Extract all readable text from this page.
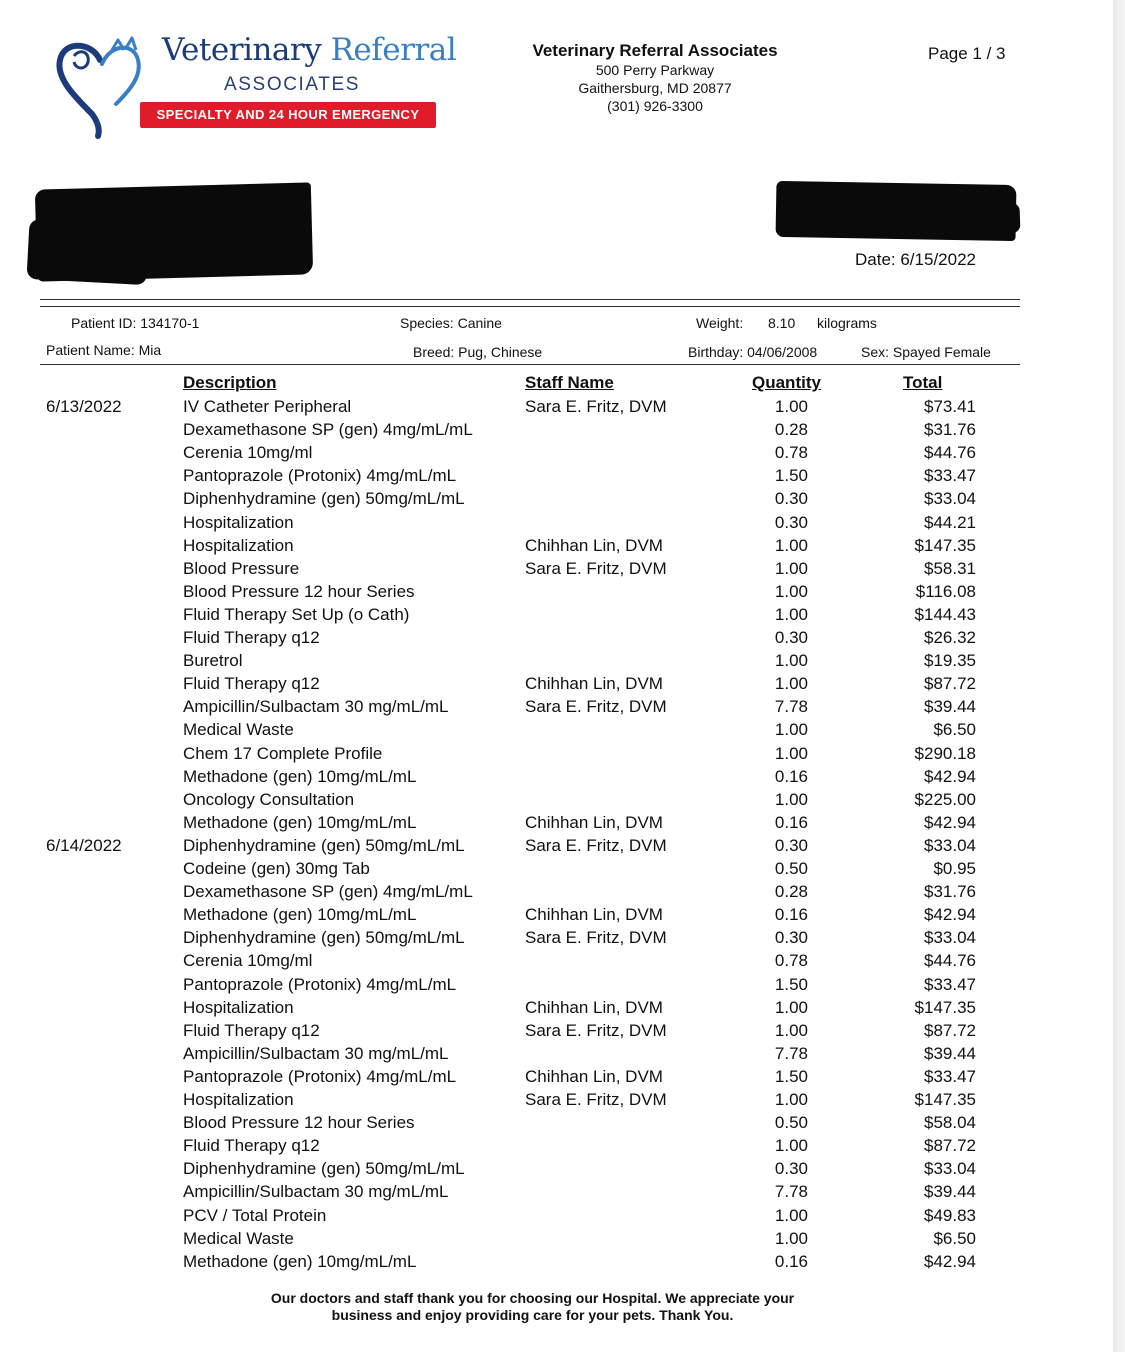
Veterinary Referral
ASSOCIATES
SPECIALTY AND 24 HOUR EMERGENCY
Veterinary Referral Associates
500 Perry Parkway
Gaithersburg, MD 20877
(301) 926-3300
Page 1 / 3
Date: 6/15/2022
Patient ID: 134170-1
Patient Name: Mia
Species: Canine
Breed: Pug, Chinese
Weight: 8.10 kilograms
Birthday: 04/06/2008	Sex: Spayed Female
Description	Staff Name	Quantity	Total
6/13/2022	IV Catheter Peripheral	Sara E. Fritz, DVM	1.00	$73.41
Dexamethasone SP (gen) 4mg/mL/mL	0.28	$31.76
Cerenia 10mg/ml	0.78	$44.76
Pantoprazole (Protonix) 4mg/mL/mL	1.50	$33.47
Diphenhydramine (gen) 50mg/mL/mL	0.30	$33.04
Hospitalization	0.30	$44.21
Hospitalization	Chihhan Lin, DVM	1.00	$147.35
Blood Pressure	Sara E. Fritz, DVM	1.00	$58.31
Blood Pressure 12 hour Series	1.00	$116.08
Fluid Therapy Set Up (o Cath)	1.00	$144.43
Fluid Therapy q12	0.30	$26.32
Buretrol	1.00	$19.35
Fluid Therapy q12	Chihhan Lin, DVM	1.00	$87.72
Ampicillin/Sulbactam 30 mg/mL/mL	Sara E. Fritz, DVM	7.78	$39.44
Medical Waste	1.00	$6.50
Chem 17 Complete Profile	1.00	$290.18
Methadone (gen) 10mg/mL/mL	0.16	$42.94
Oncology Consultation	1.00	$225.00
Methadone (gen) 10mg/mL/mL	Chihhan Lin, DVM	0.16	$42.94
6/14/2022	Diphenhydramine (gen) 50mg/mL/mL	Sara E. Fritz, DVM	0.30	$33.04
Codeine (gen) 30mg Tab	0.50	$0.95
Dexamethasone SP (gen) 4mg/mL/mL	0.28	$31.76
Methadone (gen) 10mg/mL/mL	Chihhan Lin, DVM	0.16	$42.94
Diphenhydramine (gen) 50mg/mL/mL	Sara E. Fritz, DVM	0.30	$33.04
Cerenia 10mg/ml	0.78	$44.76
Pantoprazole (Protonix) 4mg/mL/mL	1.50	$33.47
Hospitalization	Chihhan Lin, DVM	1.00	$147.35
Fluid Therapy q12	Sara E. Fritz, DVM	1.00	$87.72
Ampicillin/Sulbactam 30 mg/mL/mL	7.78	$39.44
Pantoprazole (Protonix) 4mg/mL/mL	Chihhan Lin, DVM	1.50	$33.47
Hospitalization	Sara E. Fritz, DVM	1.00	$147.35
Blood Pressure 12 hour Series	0.50	$58.04
Fluid Therapy q12	1.00	$87.72
Diphenhydramine (gen) 50mg/mL/mL	0.30	$33.04
Ampicillin/Sulbactam 30 mg/mL/mL	7.78	$39.44
PCV / Total Protein	1.00	$49.83
Medical Waste	1.00	$6.50
Methadone (gen) 10mg/mL/mL	0.16	$42.94
Our doctors and staff thank you for choosing our Hospital. We appreciate your
business and enjoy providing care for your pets. Thank You.
